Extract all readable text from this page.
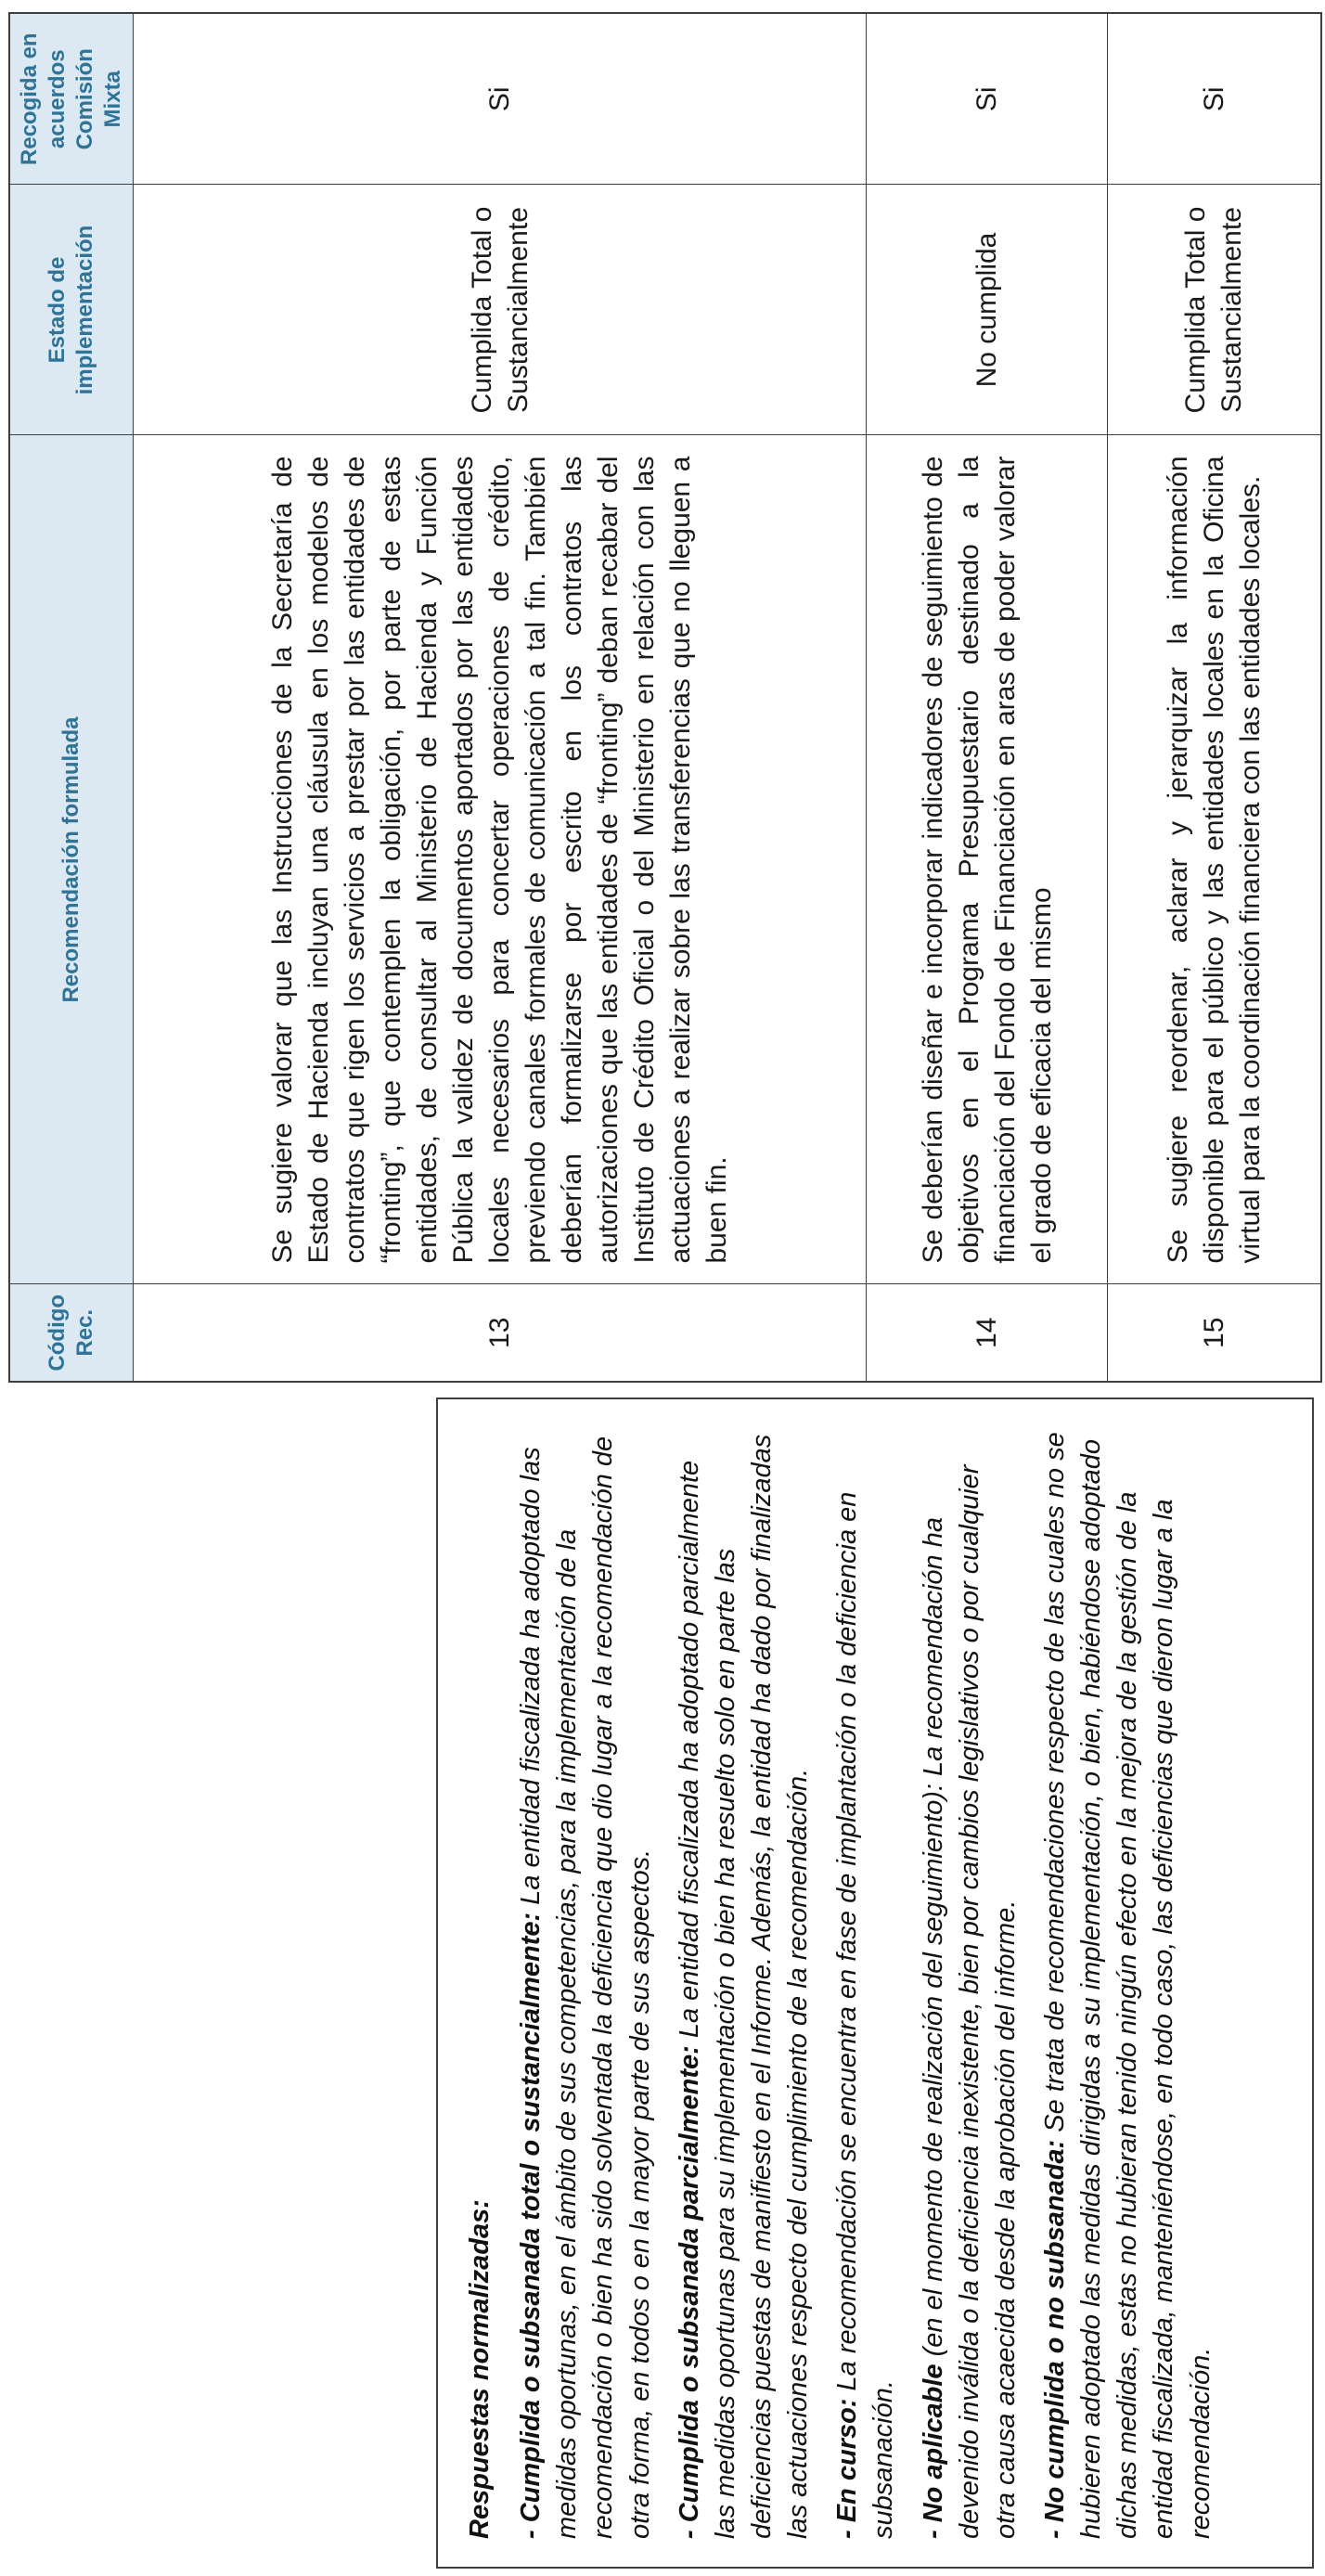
Código Rec.	Recomendación formulada	Estado de implementación	Recogida en acuerdos Comisión Mixta
13	Se sugiere valorar que las Instrucciones de la Secretaría de Estado de Hacienda incluyan una cláusula en los modelos de contratos que rigen los servicios a prestar por las entidades de “fronting”, que contemplen la obligación, por parte de estas entidades, de consultar al Ministerio de Hacienda y Función Pública la validez de documentos aportados por las entidades locales necesarios para concertar operaciones de crédito, previendo canales formales de comunicación a tal fin. También deberían formalizarse por escrito en los contratos las autorizaciones que las entidades de “fronting” deban recabar del Instituto de Crédito Oficial o del Ministerio en relación con las actuaciones a realizar sobre las transferencias que no lleguen a buen fin.	Cumplida Total o Sustancialmente	Si
14	Se deberían diseñar e incorporar indicadores de seguimiento de objetivos en el Programa Presupuestario destinado a la financiación del Fondo de Financiación en aras de poder valorar el grado de eficacia del mismo	No cumplida	Si
15	Se sugiere reordenar, aclarar y jerarquizar la información disponible para el público y las entidades locales en la Oficina virtual para la coordinación financiera con las entidades locales.	Cumplida Total o Sustancialmente	Si
Respuestas normalizadas: - Cumplida o subsanada total o sustancialmente: La entidad fiscalizada ha adoptado las medidas oportunas, en el ámbito de sus competencias, para la implementación de la recomendación o bien ha sido solventada la deficiencia que dio lugar a la recomendación de otra forma, en todos o en la mayor parte de sus aspectos. - Cumplida o subsanada parcialmente: La entidad fiscalizada ha adoptado parcialmente las medidas oportunas para su implementación o bien ha resuelto solo en parte las deficiencias puestas de manifiesto en el Informe. Además, la entidad ha dado por finalizadas las actuaciones respecto del cumplimiento de la recomendación. - En curso: La recomendación se encuentra en fase de implantación o la deficiencia en subsanación. - No aplicable (en el momento de realización del seguimiento): La recomendación ha devenido inválida o la deficiencia inexistente, bien por cambios legislativos o por cualquier otra causa acaecida desde la aprobación del informe. - No cumplida o no subsanada: Se trata de recomendaciones respecto de las cuales no se hubieren adoptado las medidas dirigidas a su implementación, o bien, habiéndose adoptado dichas medidas, estas no hubieran tenido ningún efecto en la mejora de la gestión de la entidad fiscalizada, manteniéndose, en todo caso, las deficiencias que dieron lugar a la recomendación.
